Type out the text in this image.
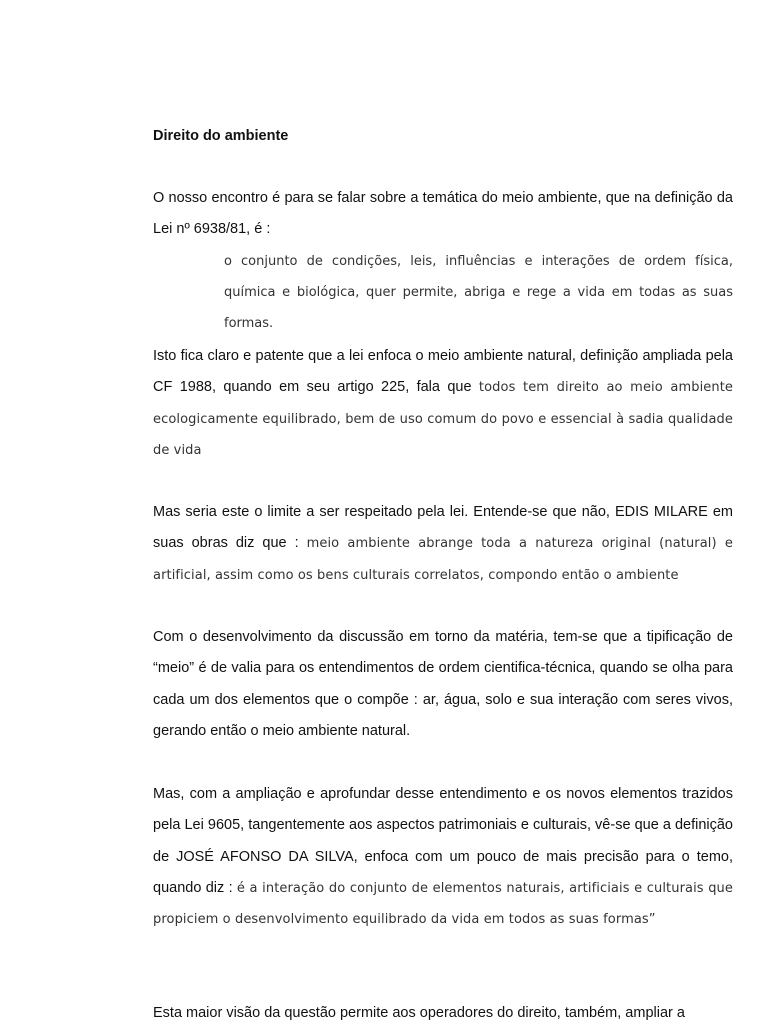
Direito do ambiente

O nosso encontro é para se falar sobre a temática do meio ambiente, que na definição da Lei nº 6938/81, é :

o conjunto de condições, leis, influências e interações de ordem física, química e biológica, quer permite, abriga e rege a vida em todas as suas formas.

Isto fica claro e patente que a lei enfoca o meio ambiente natural, definição ampliada pela CF 1988, quando em seu artigo 225, fala que todos tem direito ao meio ambiente ecologicamente equilibrado, bem de uso comum do povo e essencial à sadia qualidade de vida

Mas seria este o limite a ser respeitado pela lei. Entende-se que não, EDIS MILARE em suas obras diz que : meio ambiente abrange toda a natureza original (natural) e artificial, assim como os bens culturais correlatos, compondo então o ambiente

Com o desenvolvimento da discussão em torno da matéria, tem-se que a tipificação de “meio” é de valia para os entendimentos de ordem cientifica-técnica, quando se olha para cada um dos elementos que o compõe : ar, água, solo e sua interação com seres vivos, gerando então o meio ambiente natural.

Mas, com a ampliação e aprofundar desse entendimento e os novos elementos trazidos pela Lei 9605, tangentemente aos aspectos patrimoniais e culturais, vê-se que a definição de JOSÉ AFONSO DA SILVA, enfoca com um pouco de mais precisão para o temo, quando diz : é a interação do conjunto de elementos naturais, artificiais e culturais que propiciem o desenvolvimento equilibrado da vida em todos as suas formas”

Esta maior visão da questão permite aos operadores do direito, também, ampliar a
